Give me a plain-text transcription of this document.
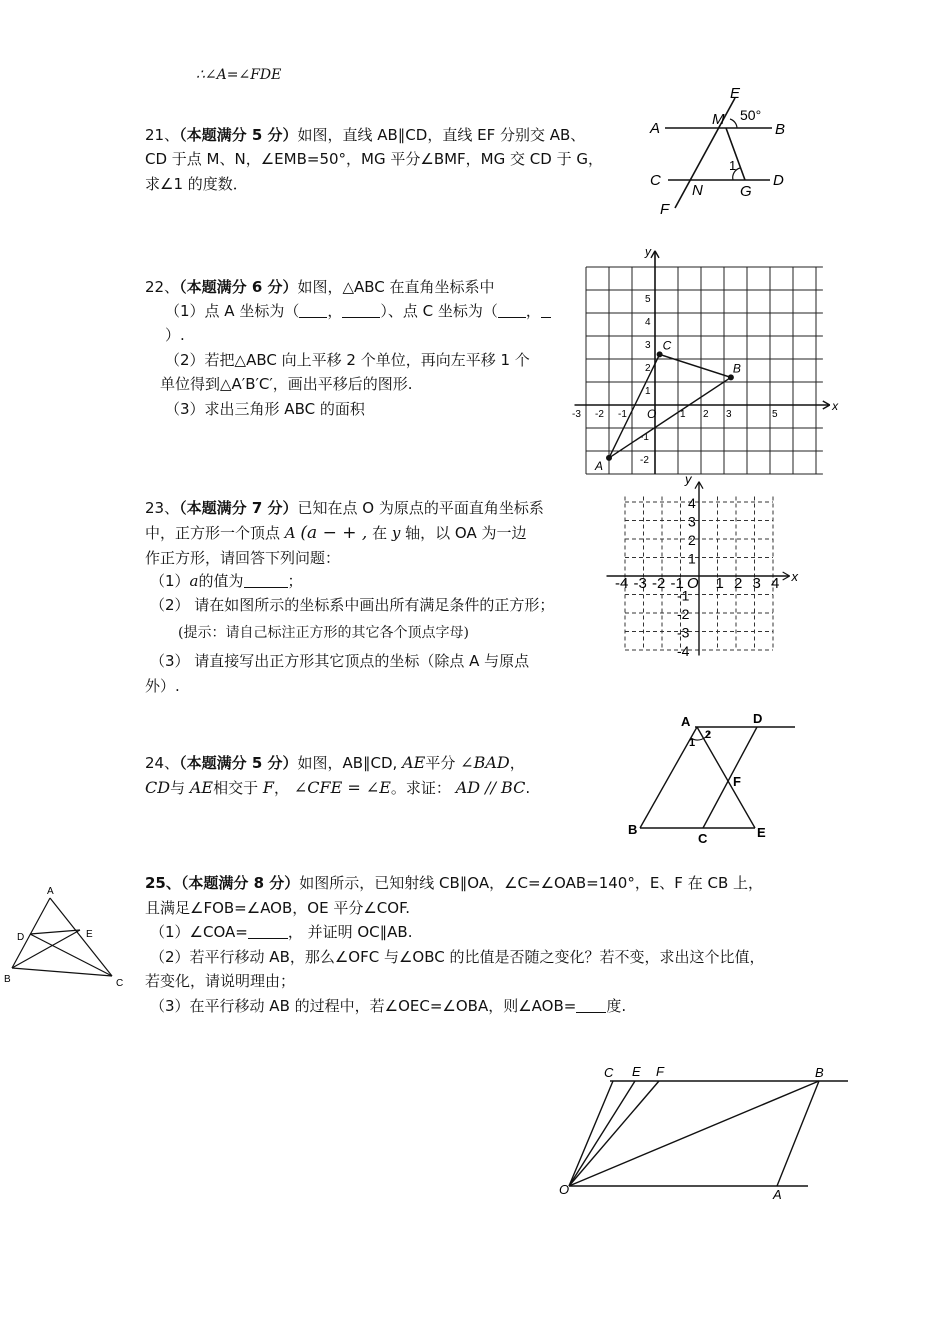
∴∠A=∠FDE
21、（本题满分 5 分）如图，直线 AB∥CD，直线 EF 分别交 AB、
CD 于点 M、N，∠EMB=50°，MG 平分∠BMF，MG 交 CD 于 G，
求∠1 的度数．
E
M 50°
A	B
1
C
N G
D
F
22、（本题满分 6 分）如图，△ABC 在直角坐标系中
（1）点 A 坐标为（ ，	）、点 C 坐标为（ ，
）.
（2）若把△ABC 向上平移 2 个单位，再向左平移 1 个
单位得到△A′B′C′，画出平移后的图形.
（3）求出三角形 ABC 的面积	x
y
O
-3 -2 -1	1 2 3	5
5
4
3
2
1
-1
-2
A
B
C
23、（本题满分 7 分）已知在点 O 为原点的平面直角坐标系
中，正方形一个顶点 A (a − + , 在 y 轴，以 OA 为一边
作正方形，请回答下列问题：
（1）a的值为	；
（2） 请在如图所示的坐标系中画出所有满足条件的正方形；
(提示：请自己标注正方形的其它各个顶点字母)
（3） 请直接写出正方形其它顶点的坐标（除点 A 与原点
外）.
x
y
O
-4 -3 -2 -1 1 2 3 4
4
3
2
1
-1
-2
-3
-4
24、（本题满分 5 分）如图，AB∥CD, AE平分 ∠BAD，
CD与 AE相交于 F， ∠CFE = ∠E。求证： AD // BC.
A	D
1
2
F
B
C	E
A
D	E
B	C
25、（本题满分 8 分）如图所示，已知射线 CB∥OA，∠C=∠OAB=140°，E、F 在 CB 上，
且满足∠FOB=∠AOB，OE 平分∠COF.
（1）∠COA=	， 并证明 OC∥AB.
（2）若平行移动 AB，那么∠OFC 与∠OBC 的比值是否随之变化？若不变，求出这个比值，
若变化，请说明理由；
（3）在平行移动 AB 的过程中，若∠OEC=∠OBA，则∠AOB= 度.
C E F	B
O	A
